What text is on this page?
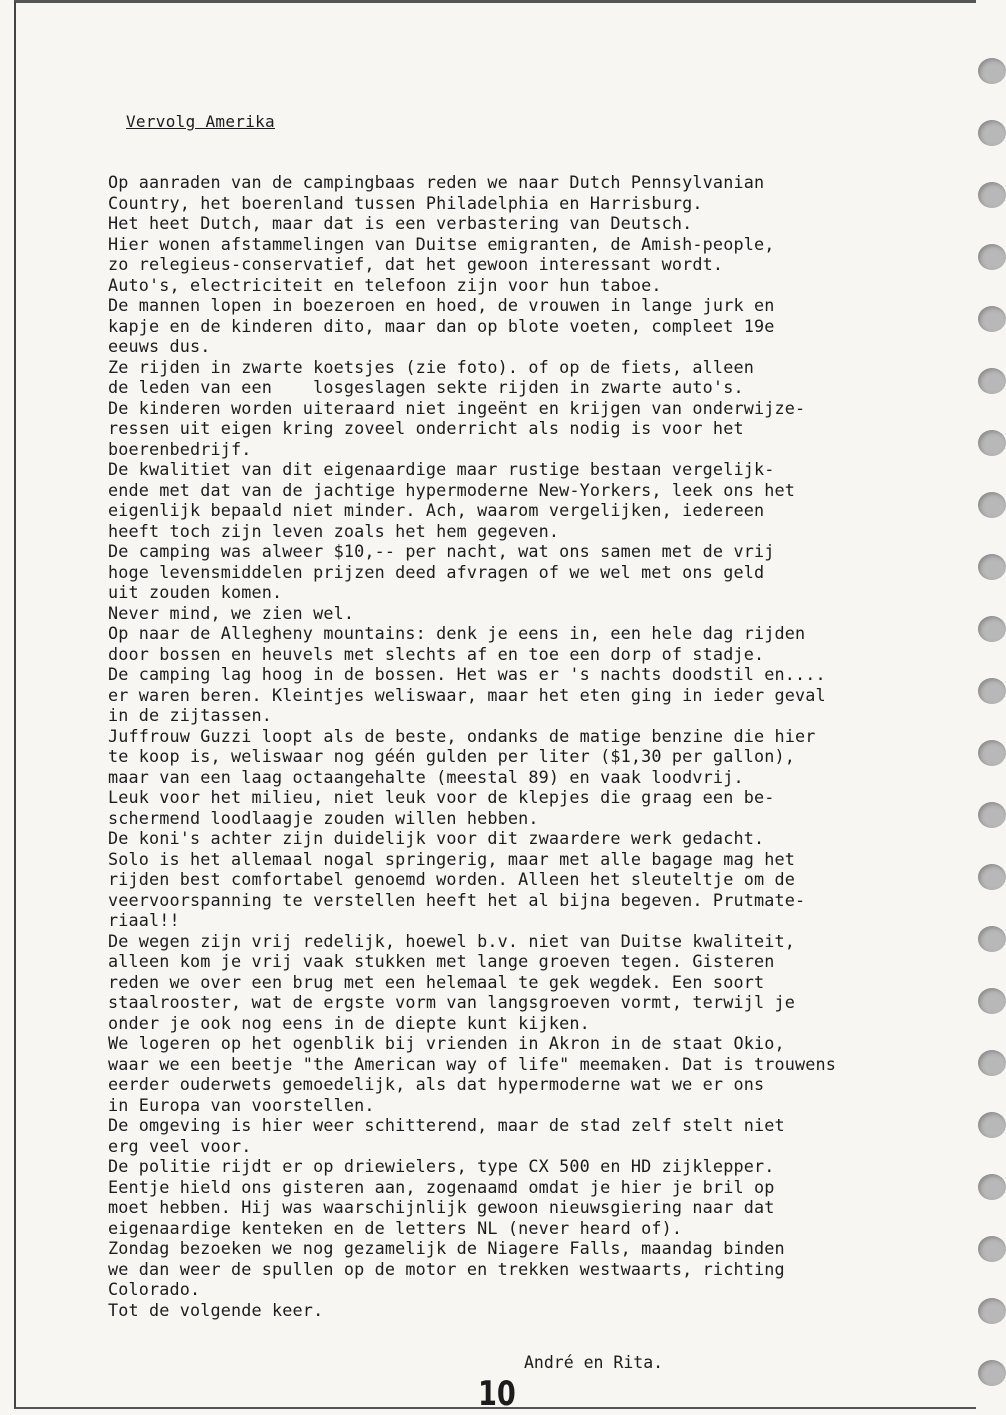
Vervolg Amerika
Op aanraden van de campingbaas reden we naar Dutch Pennsylvanian
Country, het boerenland tussen Philadelphia en Harrisburg.
Het heet Dutch, maar dat is een verbastering van Deutsch.
Hier wonen afstammelingen van Duitse emigranten, de Amish-people,
zo relegieus-conservatief, dat het gewoon interessant wordt.
Auto's, electriciteit en telefoon zijn voor hun taboe.
De mannen lopen in boezeroen en hoed, de vrouwen in lange jurk en
kapje en de kinderen dito, maar dan op blote voeten, compleet 19e
eeuws dus.
Ze rijden in zwarte koetsjes (zie foto). of op de fiets, alleen
de leden van een    losgeslagen sekte rijden in zwarte auto's.
De kinderen worden uiteraard niet ingeënt en krijgen van onderwijze-
ressen uit eigen kring zoveel onderricht als nodig is voor het
boerenbedrijf.
De kwalitiet van dit eigenaardige maar rustige bestaan vergelijk-
ende met dat van de jachtige hypermoderne New-Yorkers, leek ons het
eigenlijk bepaald niet minder. Ach, waarom vergelijken, iedereen
heeft toch zijn leven zoals het hem gegeven.
De camping was alweer $10,-- per nacht, wat ons samen met de vrij
hoge levensmiddelen prijzen deed afvragen of we wel met ons geld
uit zouden komen.
Never mind, we zien wel.
Op naar de Allegheny mountains: denk je eens in, een hele dag rijden
door bossen en heuvels met slechts af en toe een dorp of stadje.
De camping lag hoog in de bossen. Het was er 's nachts doodstil en....
er waren beren. Kleintjes weliswaar, maar het eten ging in ieder geval
in de zijtassen.
Juffrouw Guzzi loopt als de beste, ondanks de matige benzine die hier
te koop is, weliswaar nog géén gulden per liter ($1,30 per gallon),
maar van een laag octaangehalte (meestal 89) en vaak loodvrij.
Leuk voor het milieu, niet leuk voor de klepjes die graag een be-
schermend loodlaagje zouden willen hebben.
De koni's achter zijn duidelijk voor dit zwaardere werk gedacht.
Solo is het allemaal nogal springerig, maar met alle bagage mag het
rijden best comfortabel genoemd worden. Alleen het sleuteltje om de
veervoorspanning te verstellen heeft het al bijna begeven. Prutmate-
riaal!!
De wegen zijn vrij redelijk, hoewel b.v. niet van Duitse kwaliteit,
alleen kom je vrij vaak stukken met lange groeven tegen. Gisteren
reden we over een brug met een helemaal te gek wegdek. Een soort
staalrooster, wat de ergste vorm van langsgroeven vormt, terwijl je
onder je ook nog eens in de diepte kunt kijken.
We logeren op het ogenblik bij vrienden in Akron in de staat Okio,
waar we een beetje "the American way of life" meemaken. Dat is trouwens
eerder ouderwets gemoedelijk, als dat hypermoderne wat we er ons
in Europa van voorstellen.
De omgeving is hier weer schitterend, maar de stad zelf stelt niet
erg veel voor.
De politie rijdt er op driewielers, type CX 500 en HD zijklepper.
Eentje hield ons gisteren aan, zogenaamd omdat je hier je bril op
moet hebben. Hij was waarschijnlijk gewoon nieuwsgiering naar dat
eigenaardige kenteken en de letters NL (never heard of).
Zondag bezoeken we nog gezamelijk de Niagere Falls, maandag binden
we dan weer de spullen op de motor en trekken westwaarts, richting
Colorado.
Tot de volgende keer.
André en Rita.
10
